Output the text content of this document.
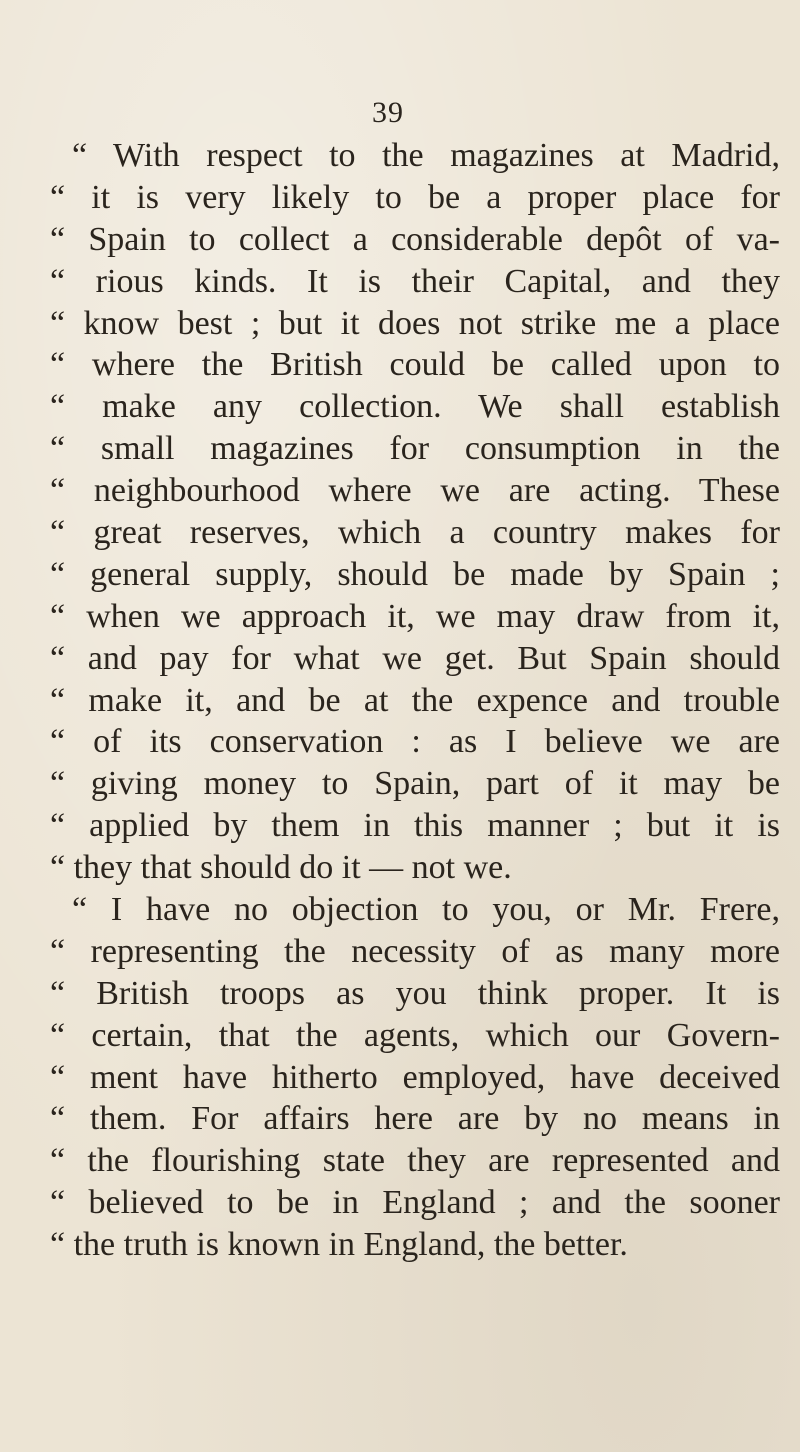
39
“ With respect to the magazines at Madrid,
“ it is very likely to be a proper place for
“ Spain to collect a considerable depôt of va-
“ rious kinds. It is their Capital, and they
“ know best ; but it does not strike me a place
“ where the British could be called upon to
“ make any collection. We shall establish
“ small magazines for consumption in the
“ neighbourhood where we are acting. These
“ great reserves, which a country makes for
“ general supply, should be made by Spain ;
“ when we approach it, we may draw from it,
“ and pay for what we get. But Spain should
“ make it, and be at the expence and trouble
“ of its conservation : as I believe we are
“ giving money to Spain, part of it may be
“ applied by them in this manner ; but it is
“ they that should do it — not we.
“ I have no objection to you, or Mr. Frere,
“ representing the necessity of as many more
“ British troops as you think proper. It is
“ certain, that the agents, which our Govern-
“ ment have hitherto employed, have deceived
“ them. For affairs here are by no means in
“ the flourishing state they are represented and
“ believed to be in England ; and the sooner
“ the truth is known in England, the better.
